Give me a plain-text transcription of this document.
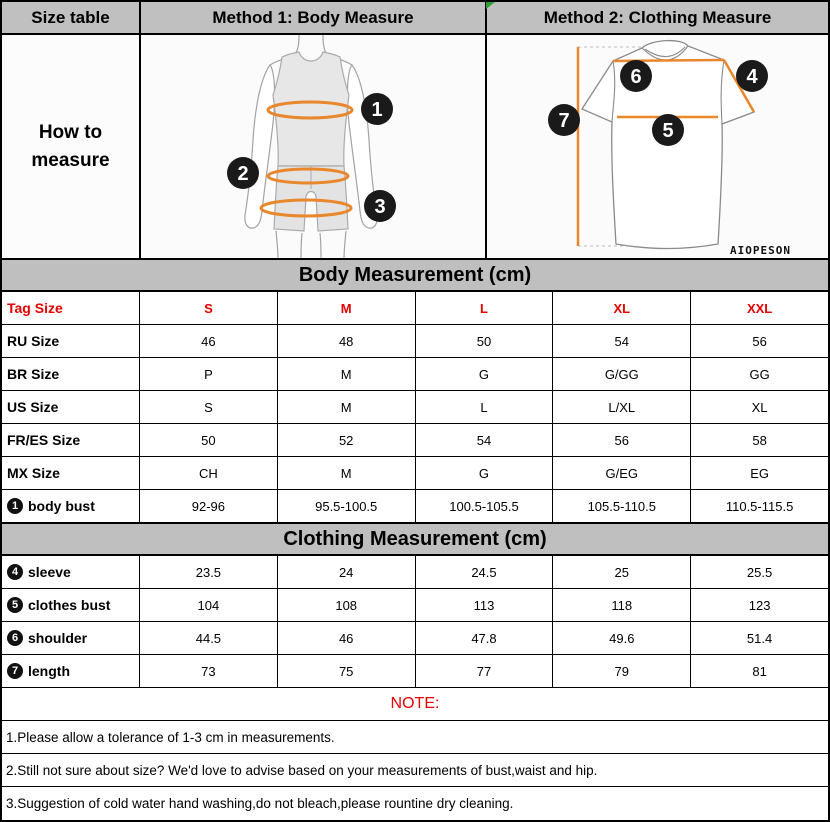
Size table	Method 1: Body Measure	Method 2: Clothing Measure
How to measure
1
2
3
6	4
7	5
AIOPESON
Body Measurement (cm)
Tag Size	S	M	L	XL	XXL
RU Size	46	48	50	54	56
BR Size	P	M	G	G/GG	GG
US Size	S	M	L	L/XL	XL
FR/ES Size	50	52	54	56	58
MX Size	CH	M	G	G/EG	EG
1 body bust	92-96	95.5-100.5	100.5-105.5	105.5-110.5	110.5-115.5
Clothing Measurement (cm)
4 sleeve	23.5	24	24.5	25	25.5
5 clothes bust	104	108	113	118	123
6 shoulder	44.5	46	47.8	49.6	51.4
7 length	73	75	77	79	81
NOTE:
1.Please allow a tolerance of 1-3 cm in measurements.
2.Still not sure about size? We'd love to advise based on your measurements of bust,waist and hip.
3.Suggestion of cold water hand washing,do not bleach,please rountine dry cleaning.
